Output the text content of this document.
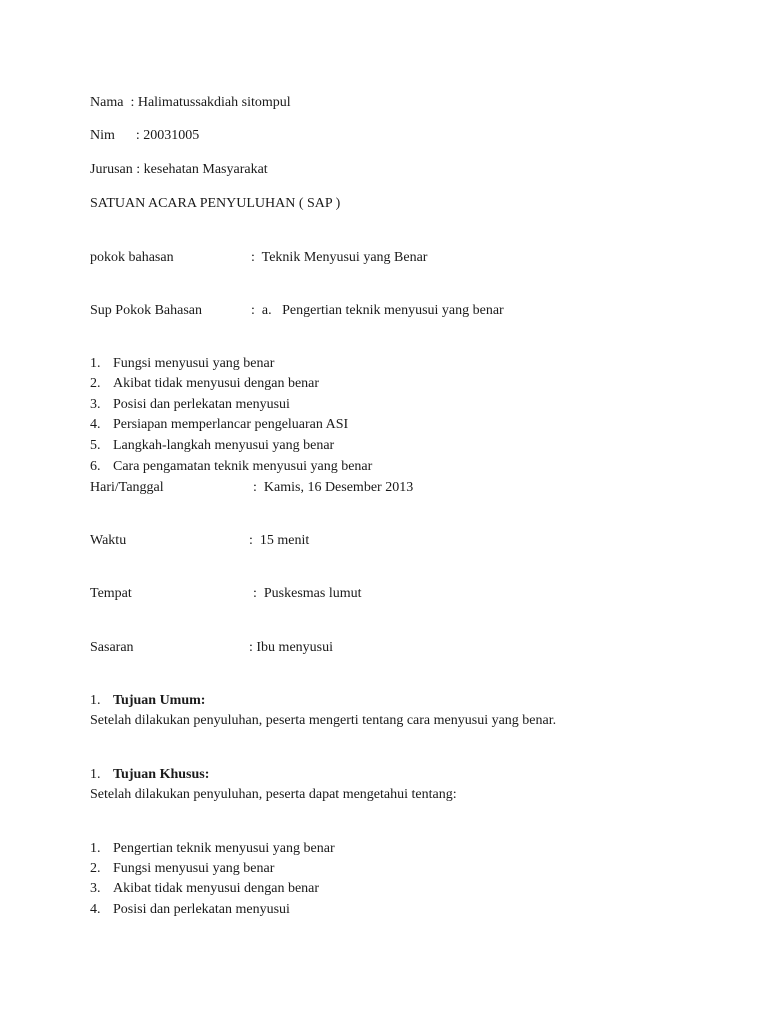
Nama  : Halimatussakdiah sitompul
Nim      : 20031005
Jurusan : kesehatan Masyarakat
SATUAN ACARA PENYULUHAN ( SAP )
pokok bahasan	:  Teknik Menyusui yang Benar
Sup Pokok Bahasan	:  a. Pengertian teknik menyusui yang benar
1. Fungsi menyusui yang benar
2. Akibat tidak menyusui dengan benar
3. Posisi dan perlekatan menyusui
4. Persiapan memperlancar pengeluaran ASI
5. Langkah-langkah menyusui yang benar
6. Cara pengamatan teknik menyusui yang benar
Hari/Tanggal	:  Kamis, 16 Desember 2013
Waktu	:  15 menit
Tempat	:  Puskesmas lumut
Sasaran	: Ibu menyusui
1. Tujuan Umum:
Setelah dilakukan penyuluhan, peserta mengerti tentang cara menyusui yang benar.
1. Tujuan Khusus:
Setelah dilakukan penyuluhan, peserta dapat mengetahui tentang:
1. Pengertian teknik menyusui yang benar
2. Fungsi menyusui yang benar
3. Akibat tidak menyusui dengan benar
4. Posisi dan perlekatan menyusui
